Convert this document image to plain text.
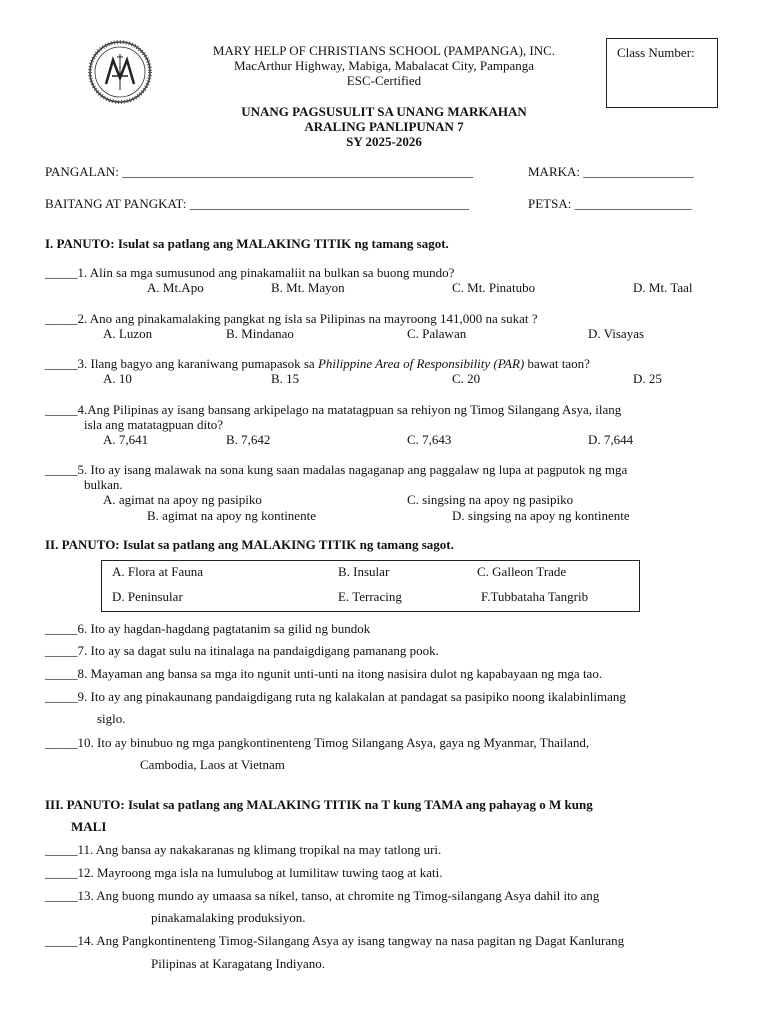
MARY HELP OF CHRISTIANS SCHOOL (PAMPANGA), INC.
MacArthur Highway, Mabiga, Mabalacat City, Pampanga
ESC-Certified
Class Number:
UNANG PAGSUSULIT SA UNANG MARKAHAN
ARALING PANLIPUNAN 7
SY 2025-2026
PANGALAN: ______________________________________________________	MARKA: _________________
BAITANG AT PANGKAT: ___________________________________________	PETSA: __________________
I. PANUTO: Isulat sa patlang ang MALAKING TITIK ng tamang sagot.
_____1. Alin sa mga sumusunod ang pinakamaliit na bulkan sa buong mundo?
A. Mt.Apo	B. Mt. Mayon	C. Mt. Pinatubo	D. Mt. Taal
_____2. Ano ang pinakamalaking pangkat ng isla sa Pilipinas na mayroong 141,000 na sukat ?
A. Luzon	B. Mindanao	C. Palawan	D. Visayas
_____3. Ilang bagyo ang karaniwang pumapasok sa Philippine Area of Responsibility (PAR) bawat taon?
A. 10	B. 15	C. 20	D. 25
_____4.Ang Pilipinas ay isang bansang arkipelago na matatagpuan sa rehiyon ng Timog Silangang Asya, ilang
isla ang matatagpuan dito?
A. 7,641	B. 7,642	C. 7,643	D. 7,644
_____5. Ito ay isang malawak na sona kung saan madalas nagaganap ang paggalaw ng lupa at pagputok ng mga
bulkan.
A. agimat na apoy ng pasipiko	C. singsing na apoy ng pasipiko
B. agimat na apoy ng kontinente	D. singsing na apoy ng kontinente
II. PANUTO: Isulat sa patlang ang MALAKING TITIK ng tamang sagot.
A. Flora at Fauna	B. Insular	C. Galleon Trade
D. Peninsular	E. Terracing	F.Tubbataha Tangrib
_____6. Ito ay hagdan-hagdang pagtatanim sa gilid ng bundok
_____7. Ito ay sa dagat sulu na itinalaga na pandaigdigang pamanang pook.
_____8. Mayaman ang bansa sa mga ito ngunit unti-unti na itong nasisira dulot ng kapabayaan ng mga tao.
_____9. Ito ay ang pinakaunang pandaigdigang ruta ng kalakalan at pandagat sa pasipiko noong ikalabinlimang
siglo.
_____10. Ito ay binubuo ng mga pangkontinenteng Timog Silangang Asya, gaya ng Myanmar, Thailand,
Cambodia, Laos at Vietnam
III. PANUTO: Isulat sa patlang ang MALAKING TITIK na T kung TAMA ang pahayag o M kung
MALI
_____11. Ang bansa ay nakakaranas ng klimang tropikal na may tatlong uri.
_____12. Mayroong mga isla na lumulubog at lumilitaw tuwing taog at kati.
_____13. Ang buong mundo ay umaasa sa nikel, tanso, at chromite ng Timog-silangang Asya dahil ito ang
pinakamalaking produksiyon.
_____14. Ang Pangkontinenteng Timog-Silangang Asya ay isang tangway na nasa pagitan ng Dagat Kanlurang
Pilipinas at Karagatang Indiyano.
